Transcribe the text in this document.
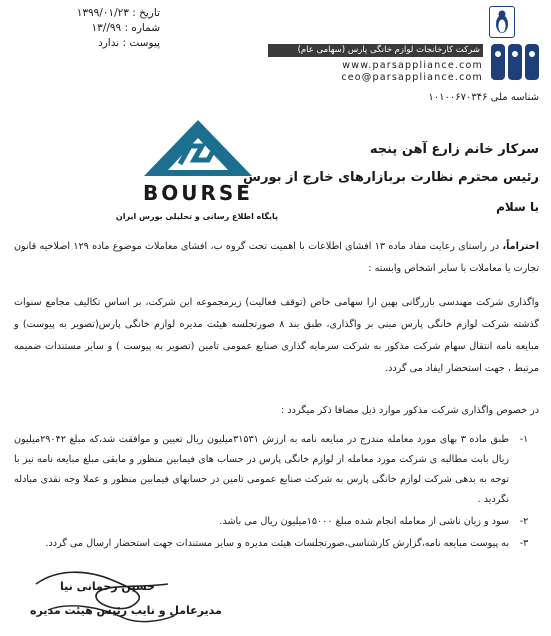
شرکت کارخانجات لوازم خانگی پارس (سهامی عام)
www.parsappliance.com
ceo@parsappliance.com
شناسه ملی ۱۰۱۰۰۶۷۰۳۴۶
تاریخ : ۱۳۹۹/۰۱/۲۳
شماره : ۹۹//۱۳
پیوست : ندارد
BOURSE
پایگاه اطلاع رسانی و تحلیلی بورس ایران
سرکار خانم زارع آهن پنجه
رئیس محترم نظارت بربازارهای خارج از بورس
با سلام
احتراماً، در راستای رعایت مفاد ماده ۱۳ افشای اطلاعات با اهمیت تحت گروه ب، افشای معاملات موضوع ماده ۱۲۹ اصلاحیه قانون تجارت یا معاملات با سایر اشخاص وابسته :
واگذاری شرکت مهندسی بازرگانی بهین ارا سهامی خاص (توقف فعالیت) زیرمجموعه این شرکت، بر اساس تکالیف مجامع سنوات گذشته شرکت لوازم خانگی پارس مبنی بر واگذاری، طبق بند ۸ صورتجلسه هیئت مدیره لوازم خانگی پارس(تصویر به پیوست) و مبایعه نامه انتقال سهام شرکت مذکور به شرکت سرمایه گذاری صنایع عمومی تامین (تصویر به پیوست ) و سایر مستندات ضمیمه مرتبط ، جهت استحضار ایفاد می گردد.
در خصوص واگذاری شرکت مذکور موارد ذیل مضافا ذکر میگردد :
۱-
طبق ماده ۳ بهای مورد معامله مندرج در مبایعه نامه به ارزش ۳۱۵۳۱میلیون ریال تعیین و موافقت شد،که مبلغ ۲۹۰۴۲میلیون ریال بابت مطالبه ی شرکت مورد معامله از لوازم خانگی پارس در حساب های فیمابین منظور و مابقی مبلغ مبایعه نامه نیز با توجه به بدهی شرکت لوازم خانگی پارس به شرکت صنایع عمومی تامین در حسابهای فیمابین منظور و عملا وجه نقدی مبادله نگردید .
۲-
سود و زیان ناشی از معامله انجام شده مبلغ ۱۵۰۰۰میلیون ریال می باشد.
۳-
به پیوست مبایعه نامه،گزارش کارشناسی،صورتجلسات هیئت مدیره و سایر مستندات جهت استحضار ارسال می گردد.
حسین رحمانی نیا
مدیرعامل و نایب رئیس هیئت مدیره
